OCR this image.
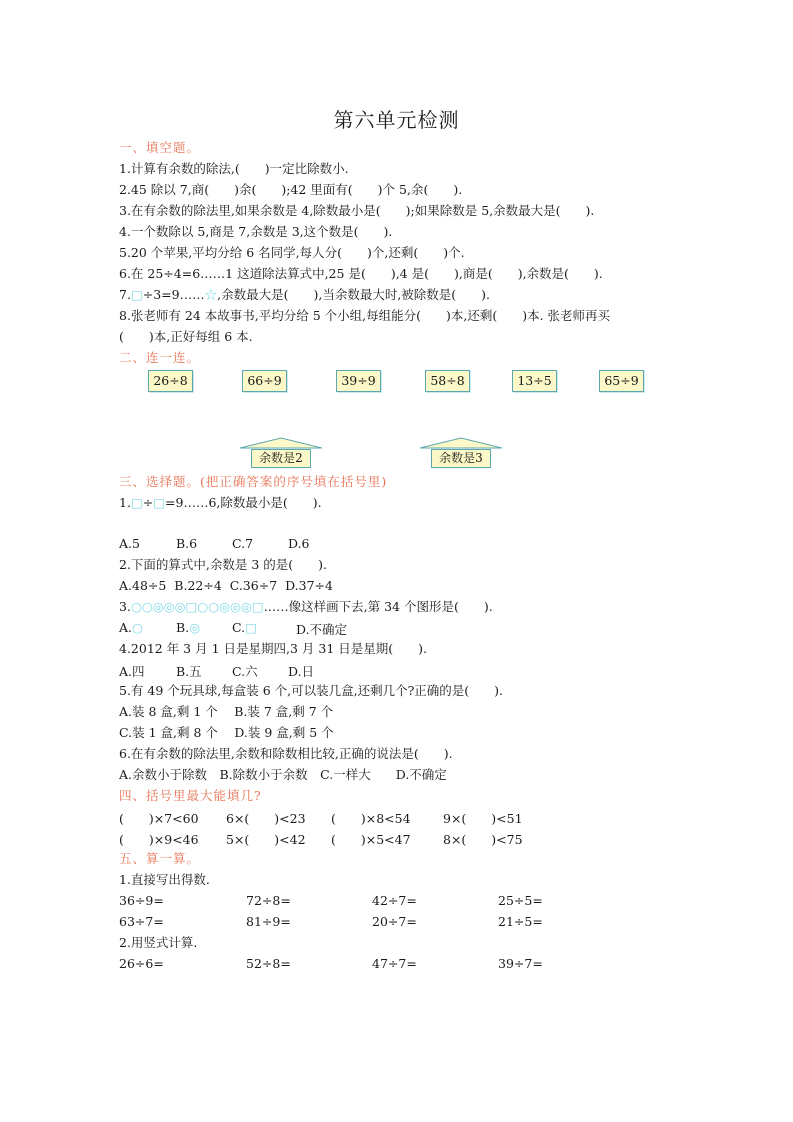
第六单元检测
一、填空题。
1.计算有余数的除法,(　　)一定比除数小.
2.45 除以 7,商(　　)余(　　);42 里面有(　　)个 5,余(　　).
3.在有余数的除法里,如果余数是 4,除数最小是(　　);如果除数是 5,余数最大是(　　).
4.一个数除以 5,商是 7,余数是 3,这个数是(　　).
5.20 个苹果,平均分给 6 名同学,每人分(　　)个,还剩(　　)个.
6.在 25÷4=6……1 这道除法算式中,25 是(　　),4 是(　　),商是(　　),余数是(　　).
7.□÷3=9……☆,余数最大是(　　),当余数最大时,被除数是(　　).
8.张老师有 24 本故事书,平均分给 5 个小组,每组能分(　　)本,还剩(　　)本. 张老师再买
(　　)本,正好每组 6 本.
二、连一连。
26÷8	66÷9	39÷9	58÷8	13÷5	65÷9
余数是2	余数是3
三、选择题。(把正确答案的序号填在括号里)
1.□÷□=9……6,除数最小是(　　).
A.5	B.6	C.7	D.6
2.下面的算式中,余数是 3 的是(　　).
A.48÷5  B.22÷4  C.36÷7  D.37÷4
3.○○◎◎◎□○○◎◎◎□……像这样画下去,第 34 个图形是(　　).
A.○	B.◎	C.□	D.不确定
4.2012 年 3 月 1 日是星期四,3 月 31 日是星期(　　).
A.四	B.五 C.六 D.日
5.有 49 个玩具球,每盒装 6 个,可以装几盒,还剩几个?正确的是(　　).
A.装 8 盒,剩 1 个　 B.装 7 盒,剩 7 个
C.装 1 盒,剩 8 个　 D.装 9 盒,剩 5 个
6.在有余数的除法里,余数和除数相比较,正确的说法是(　　).
A.余数小于除数　B.除数小于余数　C.一样大　　D.不确定
四、括号里最大能填几?
(　　)×7<60 6×(　　)<23 (　　)×8<54	9×(　　)<51
(　　)×9<46 5×(　　)<42 (　　)×5<47	8×(　　)<75
五、算一算。
1.直接写出得数.
36÷9=	72÷8=	42÷7=	25÷5=
63÷7=	81÷9=	20÷7=	21÷5=
2.用竖式计算.
26÷6=	52÷8=	47÷7=	39÷7=
